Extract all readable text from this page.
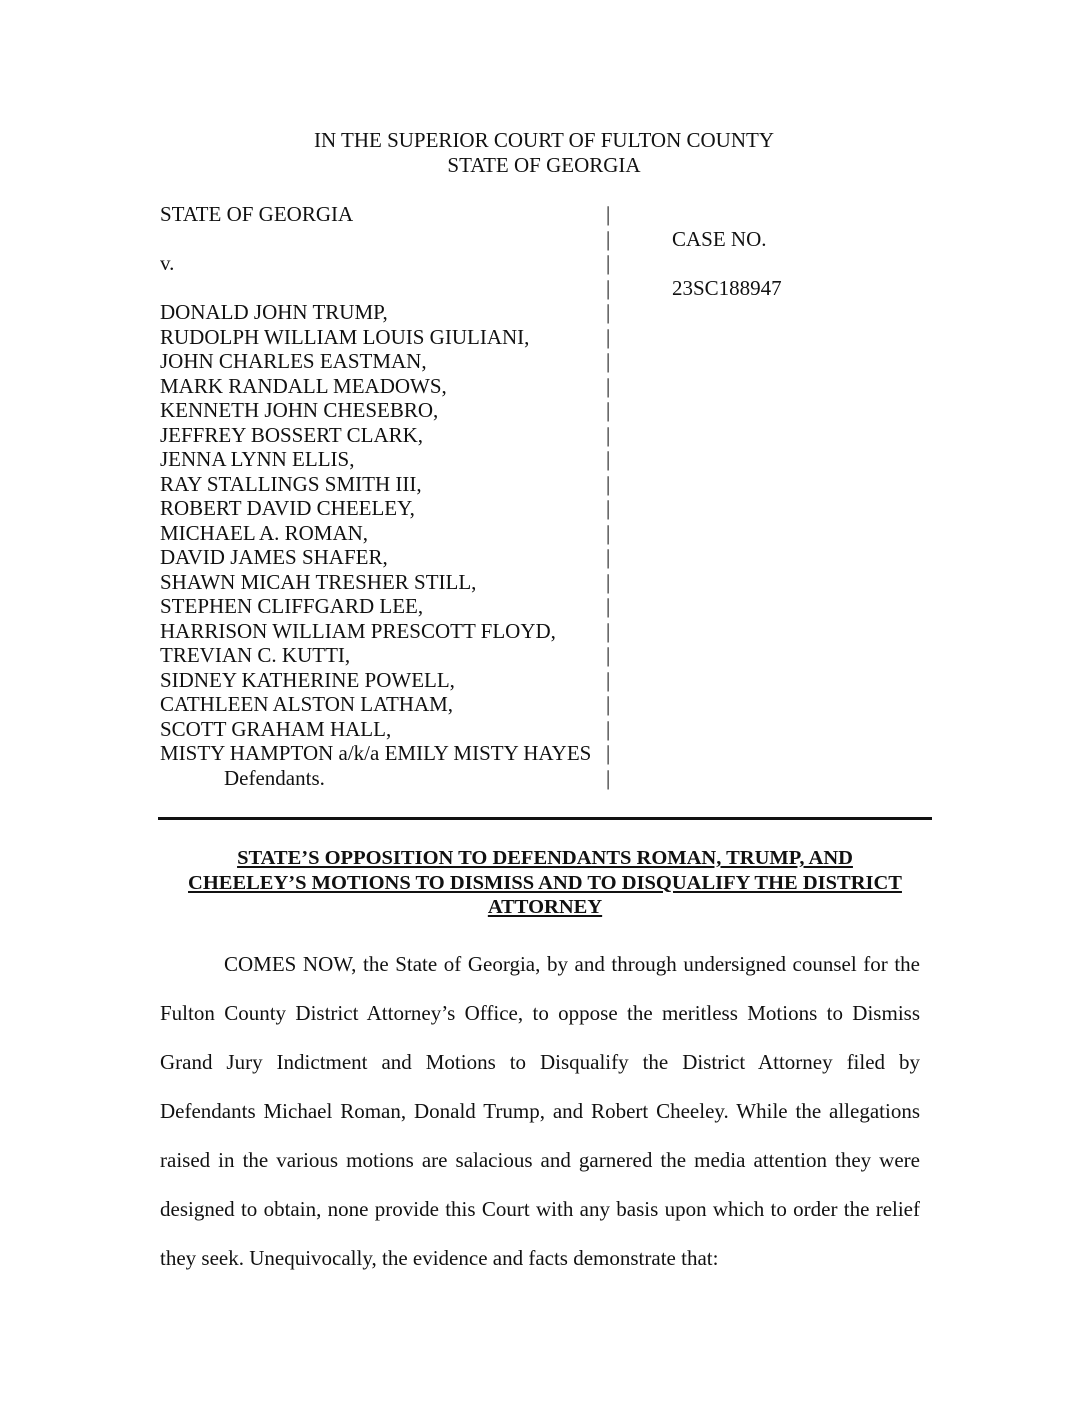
IN THE SUPERIOR COURT OF FULTON COUNTY
STATE OF GEORGIA
STATE OF GEORGIA
v.
DONALD JOHN TRUMP,
RUDOLPH WILLIAM LOUIS GIULIANI,
JOHN CHARLES EASTMAN,
MARK RANDALL MEADOWS,
KENNETH JOHN CHESEBRO,
JEFFREY BOSSERT CLARK,
JENNA LYNN ELLIS,
RAY STALLINGS SMITH III,
ROBERT DAVID CHEELEY,
MICHAEL A. ROMAN,
DAVID JAMES SHAFER,
SHAWN MICAH TRESHER STILL,
STEPHEN CLIFFGARD LEE,
HARRISON WILLIAM PRESCOTT FLOYD,
TREVIAN C. KUTTI,
SIDNEY KATHERINE POWELL,
CATHLEEN ALSTON LATHAM,
SCOTT GRAHAM HALL,
MISTY HAMPTON a/k/a EMILY MISTY HAYES
Defendants.
|
|
|
|
|
|
|
|
|
|
|
|
|
|
|
|
|
|
|
|
|
|
|
|
CASE NO.
23SC188947
STATE’S OPPOSITION TO DEFENDANTS ROMAN, TRUMP, AND
CHEELEY’S MOTIONS TO DISMISS AND TO DISQUALIFY THE DISTRICT
ATTORNEY

COMES NOW, the State of Georgia, by and through undersigned counsel for the Fulton County District Attorney’s Office, to oppose the meritless Motions to Dismiss Grand Jury Indictment and Motions to Disqualify the District Attorney filed by Defendants Michael Roman, Donald Trump, and Robert Cheeley. While the allegations raised in the various motions are salacious and garnered the media attention they were designed to obtain, none provide this Court with any basis upon which to order the relief they seek. Unequivocally, the evidence and facts demonstrate that:
